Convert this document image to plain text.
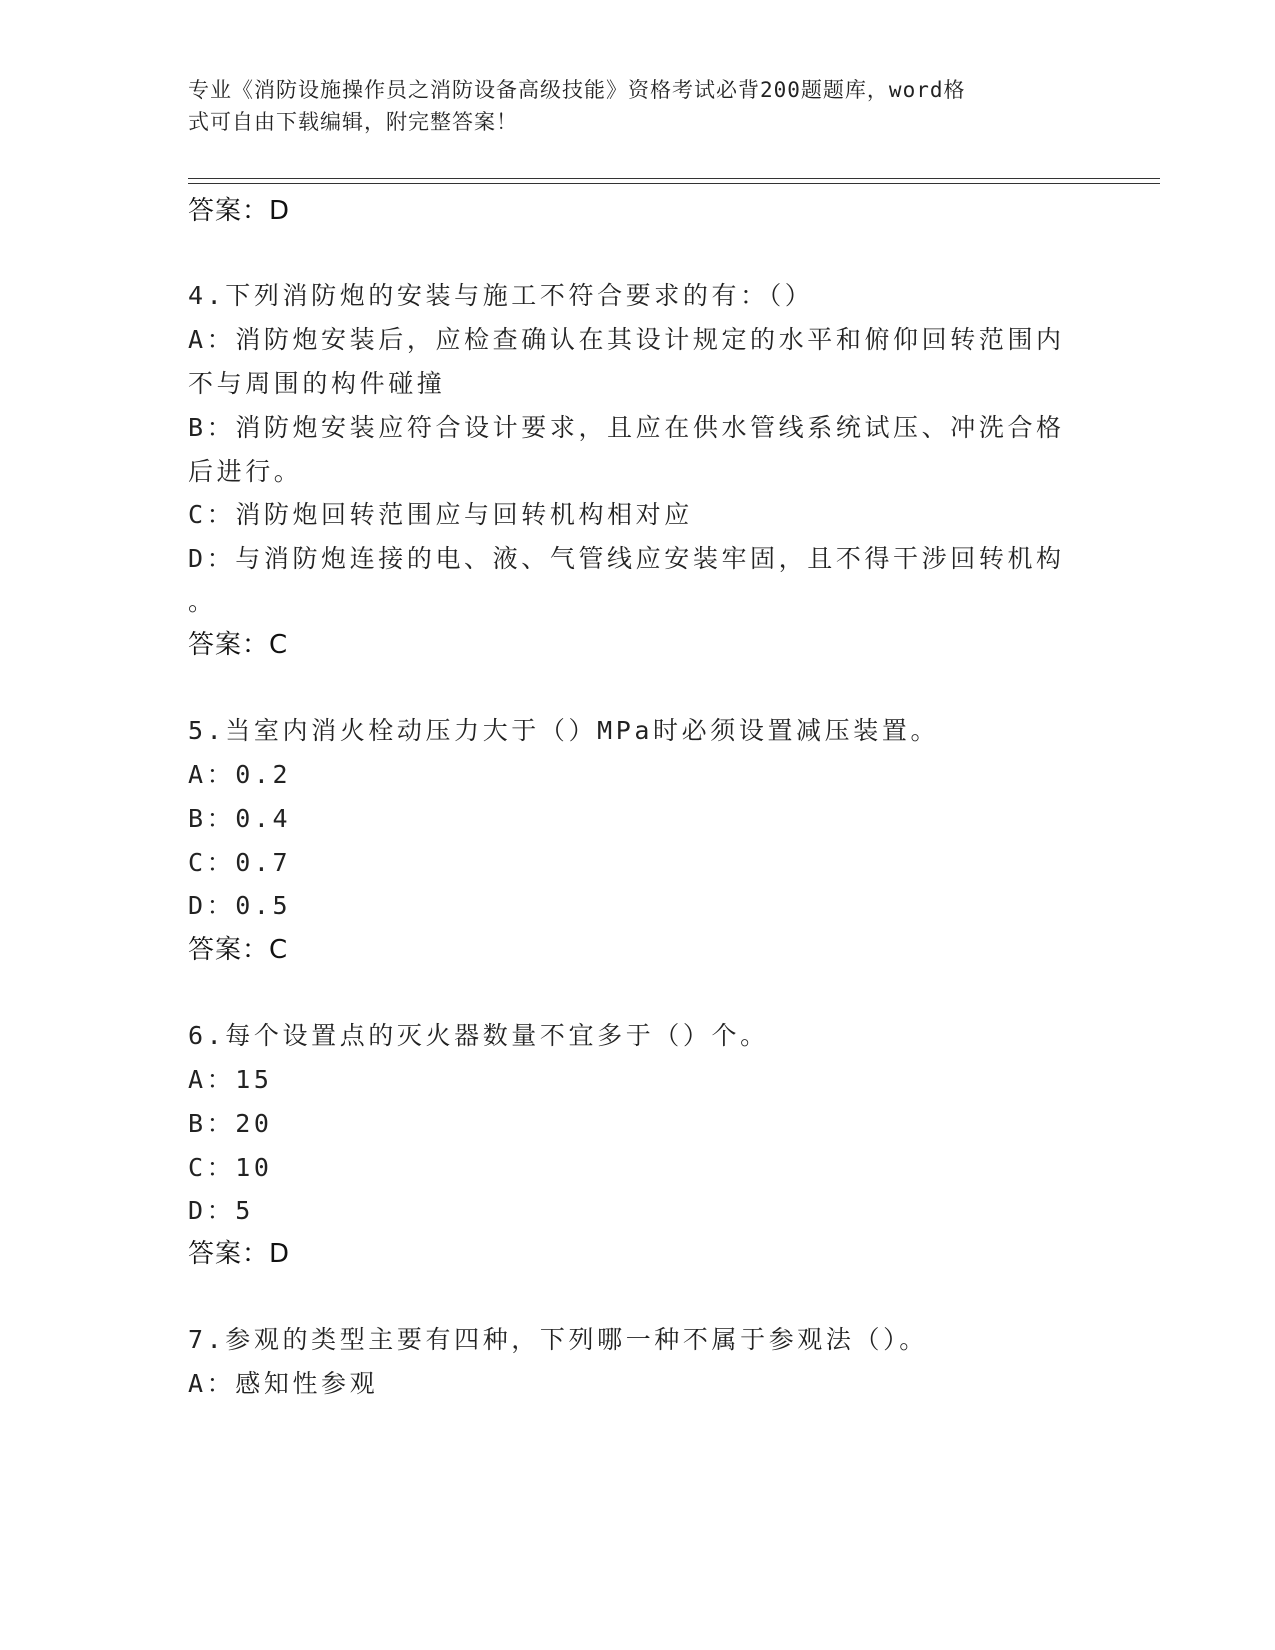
专业《消防设施操作员之消防设备高级技能》资格考试必背200题题库，word格
式可自由下载编辑，附完整答案！
答案：D
4.下列消防炮的安装与施工不符合要求的有：（）
A：消防炮安装后，应检查确认在其设计规定的水平和俯仰回转范围内
不与周围的构件碰撞
B：消防炮安装应符合设计要求，且应在供水管线系统试压、冲洗合格
后进行。
C：消防炮回转范围应与回转机构相对应
D：与消防炮连接的电、液、气管线应安装牢固，且不得干涉回转机构
。
答案：C
5.当室内消火栓动压力大于（）MPa时必须设置减压装置。
A：0.2
B：0.4
C：0.7
D：0.5
答案：C
6.每个设置点的灭火器数量不宜多于（）个。
A：15
B：20
C：10
D：5
答案：D
7.参观的类型主要有四种，下列哪一种不属于参观法（）。
A：感知性参观
